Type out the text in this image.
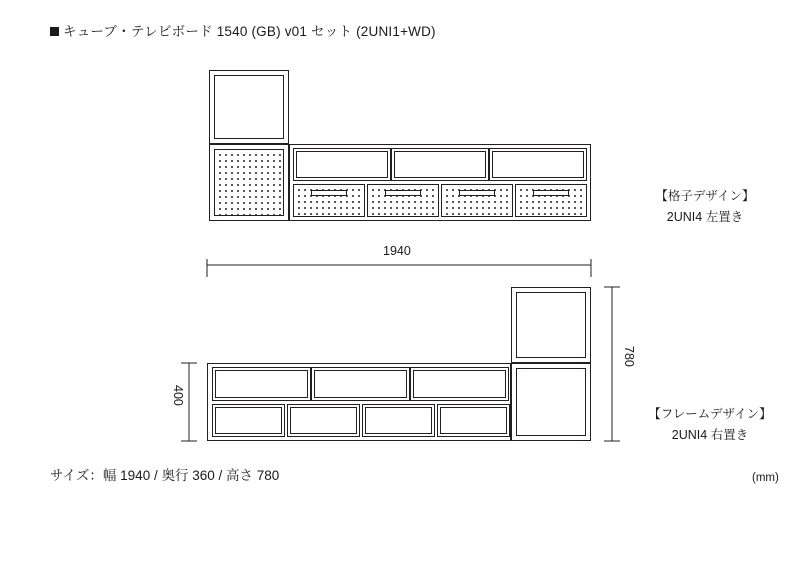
キューブ・テレビボード 1540 (GB) v01 セット (2UNI1+WD)
【格子デザイン】
2UNI4 左置き
【フレームデザイン】
2UNI4 右置き
1940
780
400
サイズ：幅 1940 / 奥行 360 / 高さ 780	(mm)
